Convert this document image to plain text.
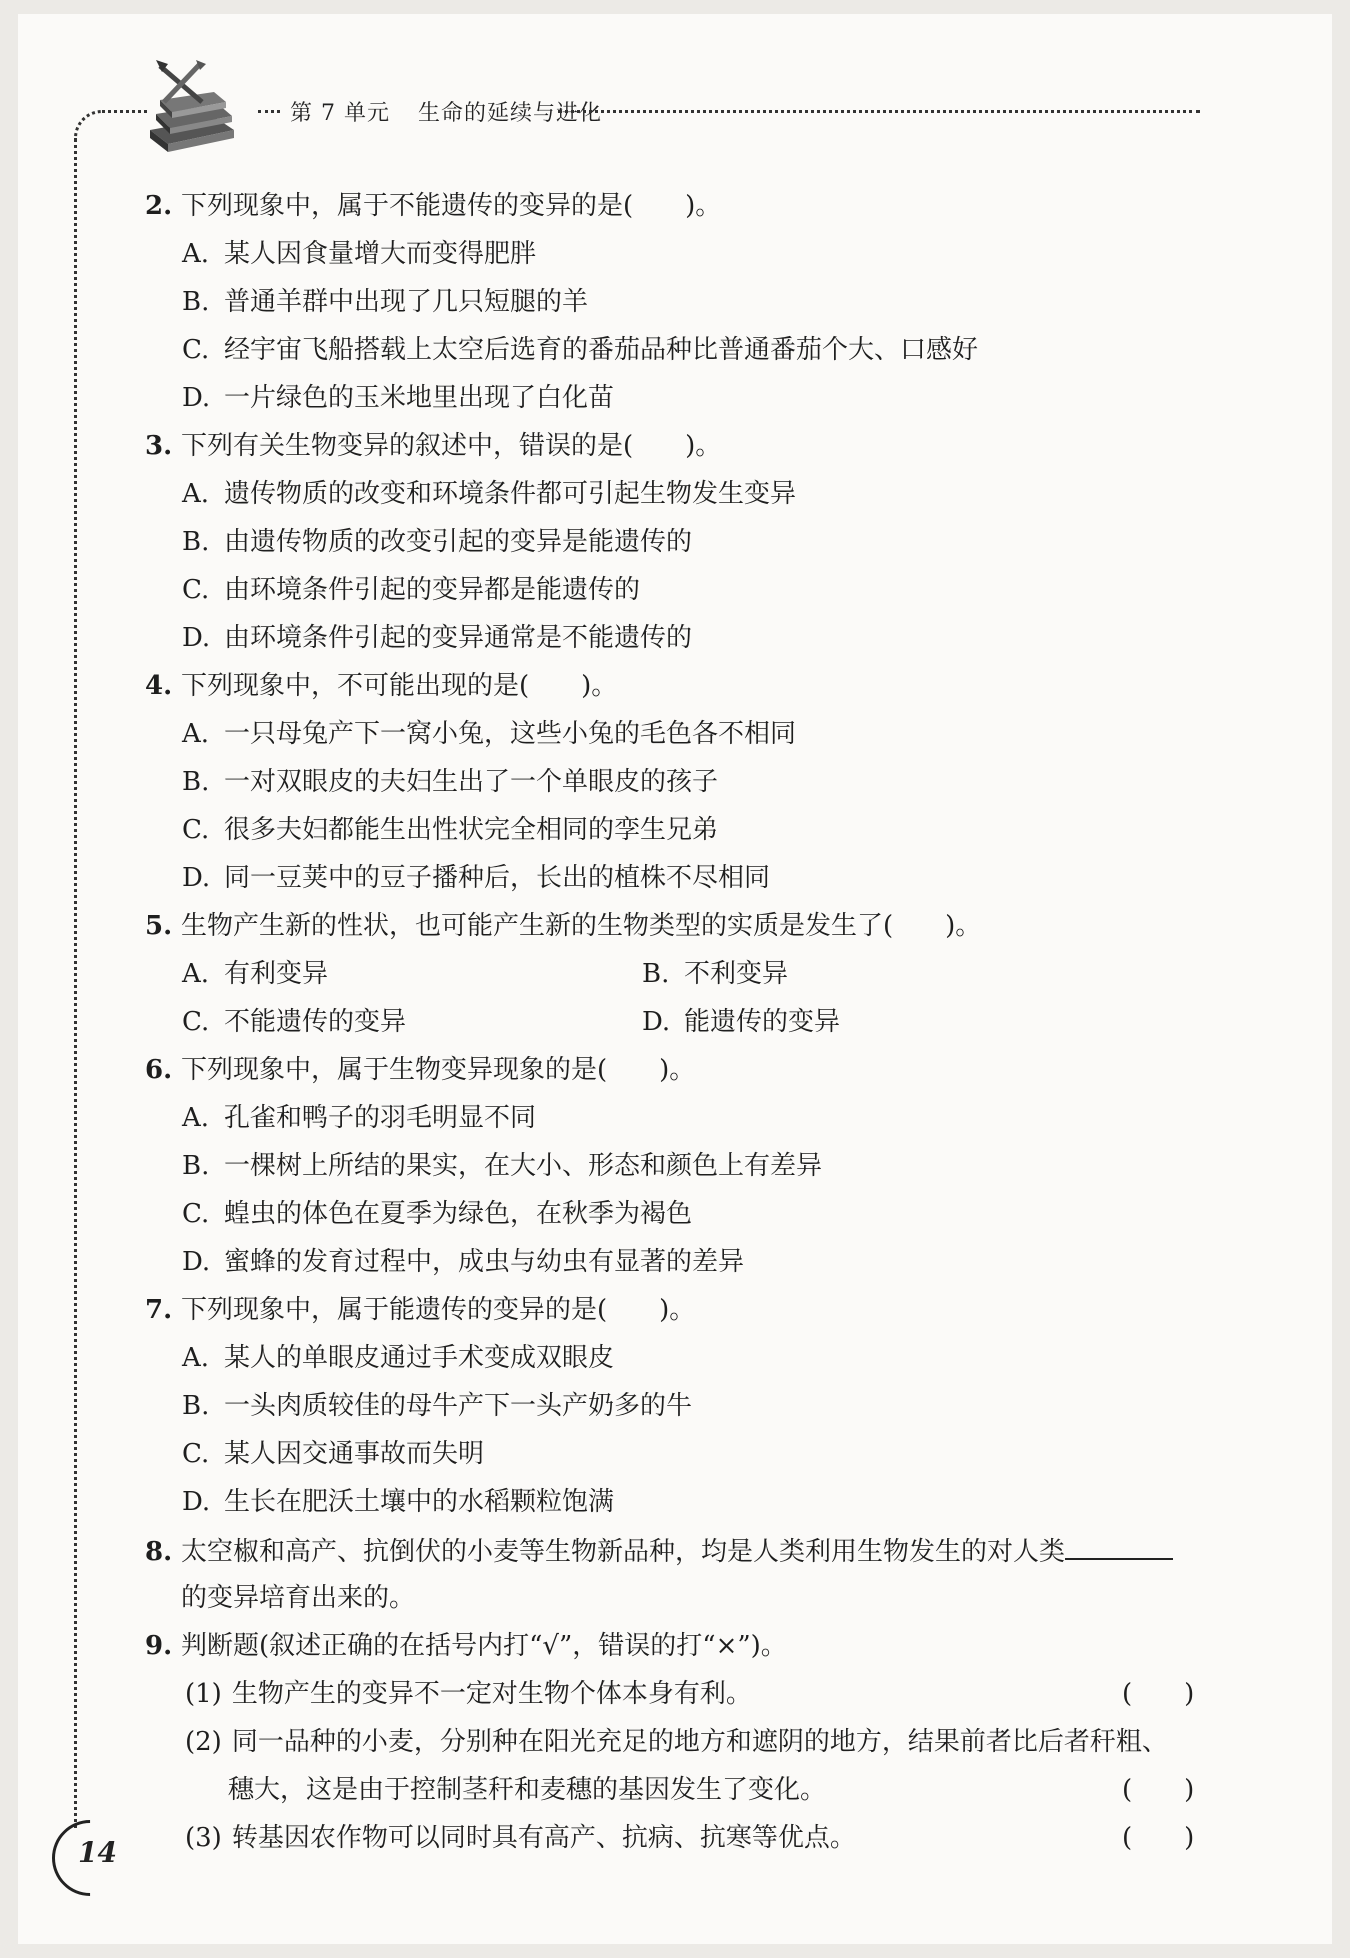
第 7 单元 生命的延续与进化
2. 下列现象中，属于不能遗传的变异的是(　　)。
A. 某人因食量增大而变得肥胖
B. 普通羊群中出现了几只短腿的羊
C. 经宇宙飞船搭载上太空后选育的番茄品种比普通番茄个大、口感好
D. 一片绿色的玉米地里出现了白化苗
3. 下列有关生物变异的叙述中，错误的是(　　)。
A. 遗传物质的改变和环境条件都可引起生物发生变异
B. 由遗传物质的改变引起的变异是能遗传的
C. 由环境条件引起的变异都是能遗传的
D. 由环境条件引起的变异通常是不能遗传的
4. 下列现象中，不可能出现的是(　　)。
A. 一只母兔产下一窝小兔，这些小兔的毛色各不相同
B. 一对双眼皮的夫妇生出了一个单眼皮的孩子
C. 很多夫妇都能生出性状完全相同的孪生兄弟
D. 同一豆荚中的豆子播种后，长出的植株不尽相同
5. 生物产生新的性状，也可能产生新的生物类型的实质是发生了(　　)。
A. 有利变异	B. 不利变异
C. 不能遗传的变异	D. 能遗传的变异
6. 下列现象中，属于生物变异现象的是(　　)。
A. 孔雀和鸭子的羽毛明显不同
B. 一棵树上所结的果实，在大小、形态和颜色上有差异
C. 蝗虫的体色在夏季为绿色，在秋季为褐色
D. 蜜蜂的发育过程中，成虫与幼虫有显著的差异
7. 下列现象中，属于能遗传的变异的是(　　)。
A. 某人的单眼皮通过手术变成双眼皮
B. 一头肉质较佳的母牛产下一头产奶多的牛
C. 某人因交通事故而失明
D. 生长在肥沃土壤中的水稻颗粒饱满
8. 太空椒和高产、抗倒伏的小麦等生物新品种，均是人类利用生物发生的对人类
的变异培育出来的。
9. 判断题(叙述正确的在括号内打“√”，错误的打“×”)。
(1) 生物产生的变异不一定对生物个体本身有利。	(　　)
(2) 同一品种的小麦，分别种在阳光充足的地方和遮阴的地方，结果前者比后者秆粗、
穗大，这是由于控制茎秆和麦穗的基因发生了变化。	(　　)
(3) 转基因农作物可以同时具有高产、抗病、抗寒等优点。	(　　)
14
